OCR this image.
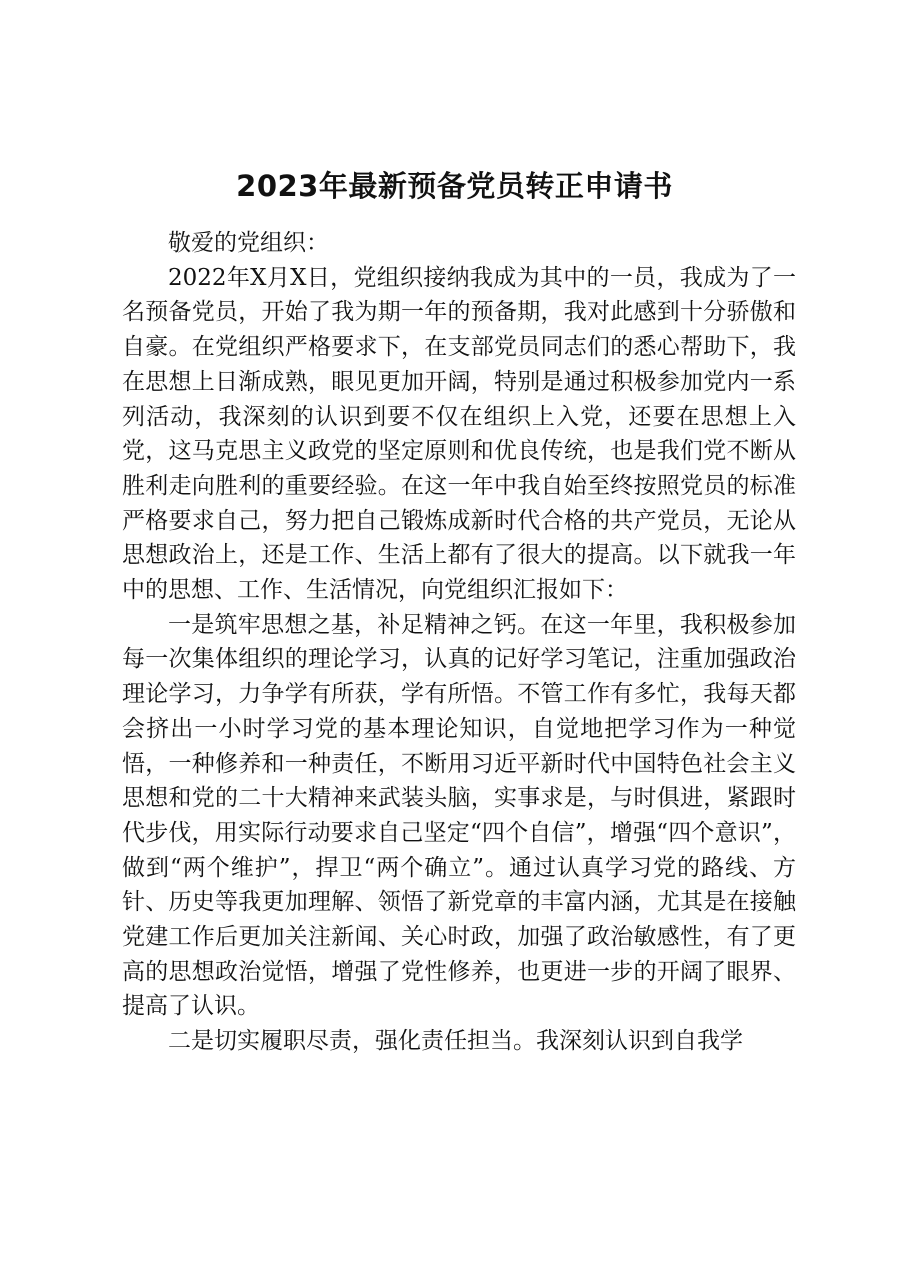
2023年最新预备党员转正申请书

敬爱的党组织：

2022年X月X日，党组织接纳我成为其中的一员，我成为了一名预备党员，开始了我为期一年的预备期，我对此感到十分骄傲和自豪。在党组织严格要求下，在支部党员同志们的悉心帮助下，我在思想上日渐成熟，眼见更加开阔，特别是通过积极参加党内一系列活动，我深刻的认识到要不仅在组织上入党，还要在思想上入党，这马克思主义政党的坚定原则和优良传统，也是我们党不断从胜利走向胜利的重要经验。在这一年中我自始至终按照党员的标准严格要求自己，努力把自己锻炼成新时代合格的共产党员，无论从思想政治上，还是工作、生活上都有了很大的提高。以下就我一年中的思想、工作、生活情况，向党组织汇报如下：

一是筑牢思想之基，补足精神之钙。在这一年里，我积极参加每一次集体组织的理论学习，认真的记好学习笔记，注重加强政治理论学习，力争学有所获，学有所悟。不管工作有多忙，我每天都会挤出一小时学习党的基本理论知识，自觉地把学习作为一种觉悟，一种修养和一种责任，不断用习近平新时代中国特色社会主义思想和党的二十大精神来武装头脑，实事求是，与时俱进，紧跟时代步伐，用实际行动要求自己坚定“四个自信”，增强“四个意识”，做到“两个维护”，捍卫“两个确立”。通过认真学习党的路线、方针、历史等我更加理解、领悟了新党章的丰富内涵，尤其是在接触党建工作后更加关注新闻、关心时政，加强了政治敏感性，有了更高的思想政治觉悟，增强了党性修养，也更进一步的开阔了眼界、提高了认识。

二是切实履职尽责，强化责任担当。我深刻认识到自我学
